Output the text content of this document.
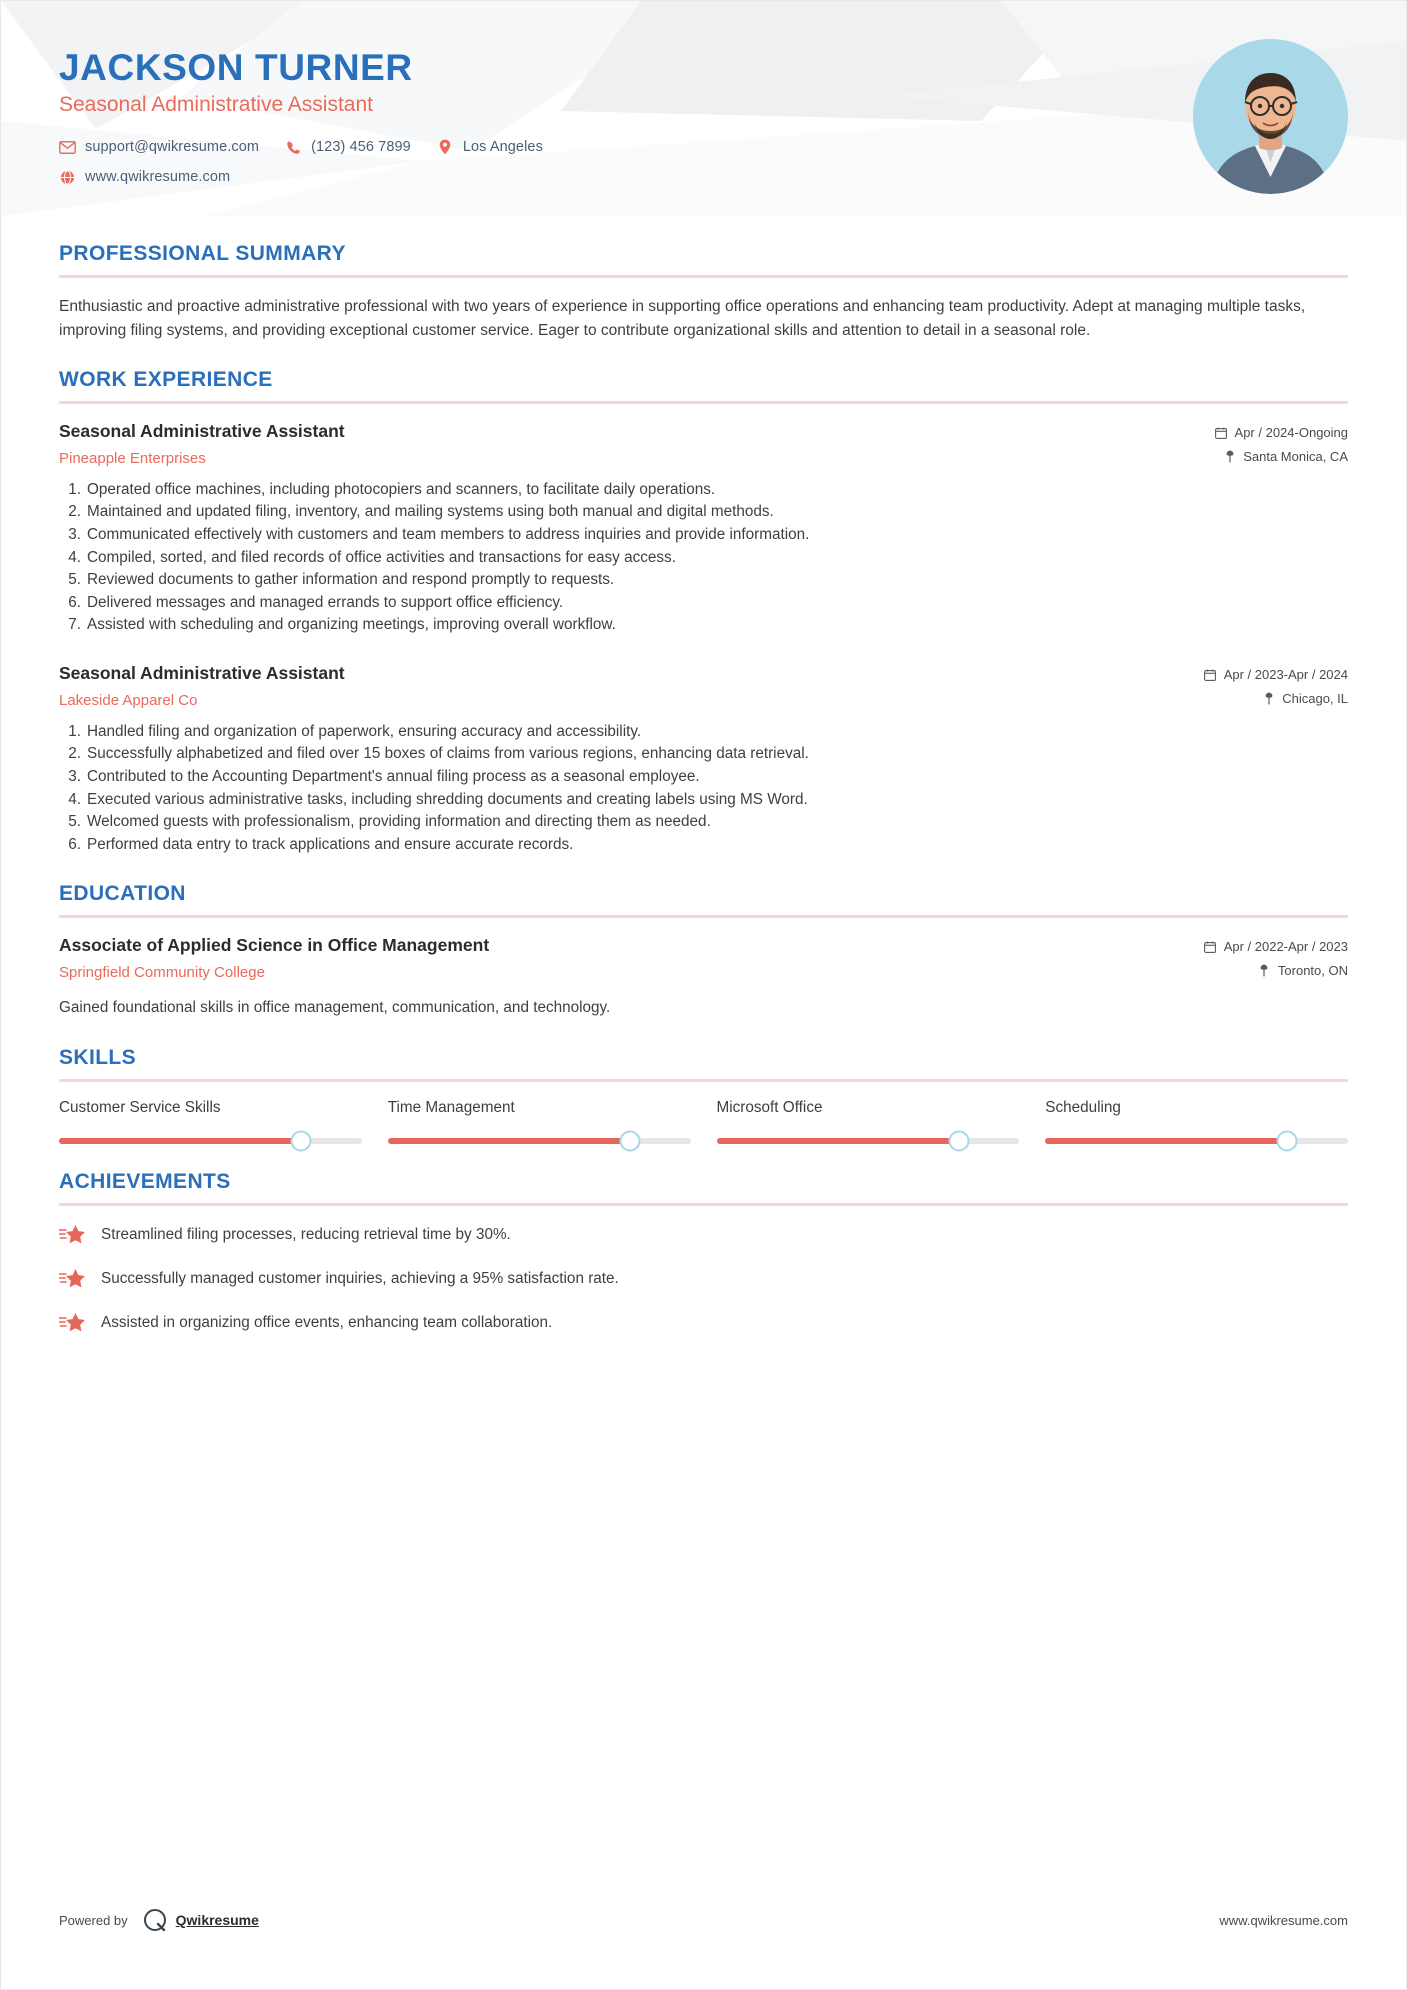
JACKSON TURNER
Seasonal Administrative Assistant
support@qwikresume.com	(123) 456 7899	Los Angeles
www.qwikresume.com
PROFESSIONAL SUMMARY

Enthusiastic and proactive administrative professional with two years of experience in supporting office operations and enhancing team productivity. Adept at managing multiple tasks, improving filing systems, and providing exceptional customer service. Eager to contribute organizational skills and attention to detail in a seasonal role.

WORK EXPERIENCE
Seasonal Administrative Assistant
Pineapple Enterprises
Apr / 2024-Ongoing
Santa Monica, CA
1. Operated office machines, including photocopiers and scanners, to facilitate daily operations.
2. Maintained and updated filing, inventory, and mailing systems using both manual and digital methods.
3. Communicated effectively with customers and team members to address inquiries and provide information.
4. Compiled, sorted, and filed records of office activities and transactions for easy access.
5. Reviewed documents to gather information and respond promptly to requests.
6. Delivered messages and managed errands to support office efficiency.
7. Assisted with scheduling and organizing meetings, improving overall workflow.
Seasonal Administrative Assistant
Lakeside Apparel Co
Apr / 2023-Apr / 2024
Chicago, IL
1. Handled filing and organization of paperwork, ensuring accuracy and accessibility.
2. Successfully alphabetized and filed over 15 boxes of claims from various regions, enhancing data retrieval.
3. Contributed to the Accounting Department's annual filing process as a seasonal employee.
4. Executed various administrative tasks, including shredding documents and creating labels using MS Word.
5. Welcomed guests with professionalism, providing information and directing them as needed.
6. Performed data entry to track applications and ensure accurate records.
EDUCATION
Associate of Applied Science in Office Management
Springfield Community College
Apr / 2022-Apr / 2023
Toronto, ON

Gained foundational skills in office management, communication, and technology.

SKILLS
Customer Service Skills	Time Management	Microsoft Office	Scheduling
ACHIEVEMENTS
Streamlined filing processes, reducing retrieval time by 30%.
Successfully managed customer inquiries, achieving a 95% satisfaction rate.
Assisted in organizing office events, enhancing team collaboration.
Powered by	Qwikresume	www.qwikresume.com
